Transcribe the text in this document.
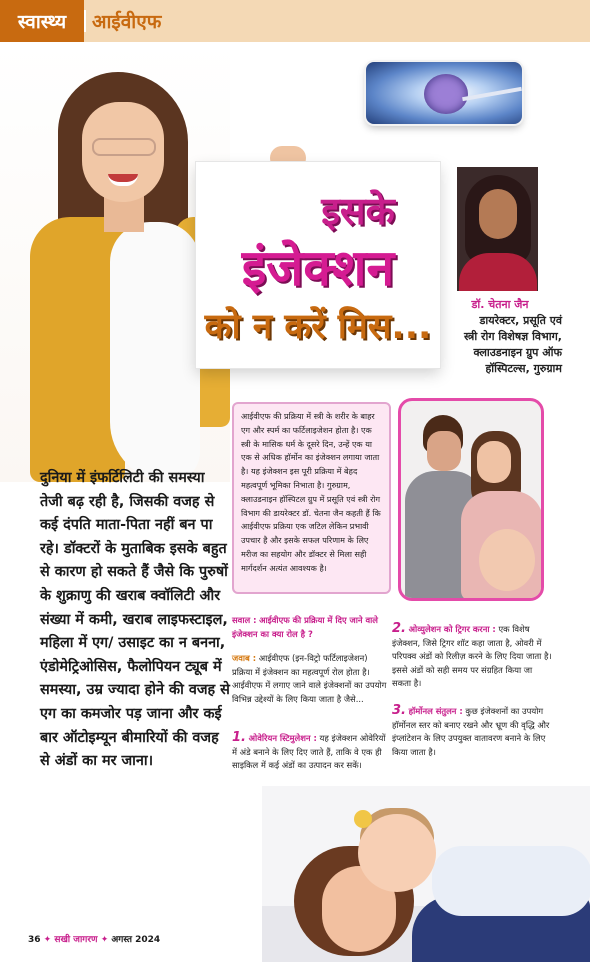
स्वास्थ्य	आईवीएफ
इसके
इंजेक्शन
को न करें मिस...
डॉ. चेतना जैन
डायरेक्टर, प्रसूति एवं
स्त्री रोग विशेषज्ञ विभाग,
क्लाउडनाइन ग्रुप ऑफ
हॉस्पिटल्स, गुरुग्राम
आईवीएफ की प्रक्रिया में स्त्री के शरीर के बाहर एग और स्पर्म का फर्टिलाइजेशन होता है। एक स्त्री के मासिक धर्म के दूसरे दिन, उन्हें एक या एक से अधिक हॉर्मोन का इंजेक्शन लगाया जाता है। यह इंजेक्शन इस पूरी प्रक्रिया में बेहद महत्वपूर्ण भूमिका निभाता है। गुरुग्राम, क्लाउडनाइन हॉस्पिटल ग्रुप में प्रसूति एवं स्त्री रोग विभाग की डायरेक्टर डॉ. चेतना जैन कहती हैं कि आईवीएफ प्रक्रिया एक जटिल लेकिन प्रभावी उपचार है और इसके सफल परिणाम के लिए मरीज का सहयोग और डॉक्टर से मिला सही मार्गदर्शन अत्यंत आवश्यक है।
दुनिया में इंफर्टिलिटी की समस्या तेजी बढ़ रही है, जिसकी वजह से कई दंपति माता-पिता नहीं बन पा रहे। डॉक्टरों के मुताबिक इसके बहुत से कारण हो सकते हैं जैसे कि पुरुषों के शुक्राणु की खराब क्वॉलिटी और संख्या में कमी, खराब लाइफस्टाइल, महिला में एग/ उसाइट का न बनना, एंडोमेट्रिओसिस, फैलोपियन ट्यूब में समस्या, उम्र ज्यादा होने की वजह से एग का कमजोर पड़ जाना और कई बार ऑटोइम्यून बीमारियों की वजह से अंडों का मर जाना।
सवाल : आईवीएफ की प्रक्रिया में दिए जाने वाले इंजेक्शन का क्या रोल है ?
जवाब : आईवीएफ (इन-विट्रो फर्टिलाइजेशन) प्रक्रिया में इंजेक्शन का महत्वपूर्ण रोल होता है। आईवीएफ में लगाए जाने वाले इंजेक्शनों का उपयोग विभिन्न उद्देश्यों के लिए किया जाता है जैसे...
1. ओवेरियन स्टिमुलेशन : यह इंजेक्शन ओवेरियों में अंडे बनाने के लिए दिए जाते हैं, ताकि वे एक ही साइकिल में कई अंडों का उत्पादन कर सकें।
2. ओव्युलेशन को ट्रिगर करना : एक विशेष इंजेक्शन, जिसे ट्रिगर शॉट कहा जाता है, ओवरी में परिपक्व अंडों को रिलीज़ करने के लिए दिया जाता है। इससे अंडों को सही समय पर संग्रहित किया जा सकता है।
3. हॉर्मोनल संतुलन : कुछ इंजेक्शनों का उपयोग हॉर्मोनल स्तर को बनाए रखने और भ्रूण की वृद्धि और इंप्लांटेशन के लिए उपयुक्त वातावरण बनाने के लिए किया जाता है।
36 ✦ सखी जागरण ✦ अगस्त 2024
